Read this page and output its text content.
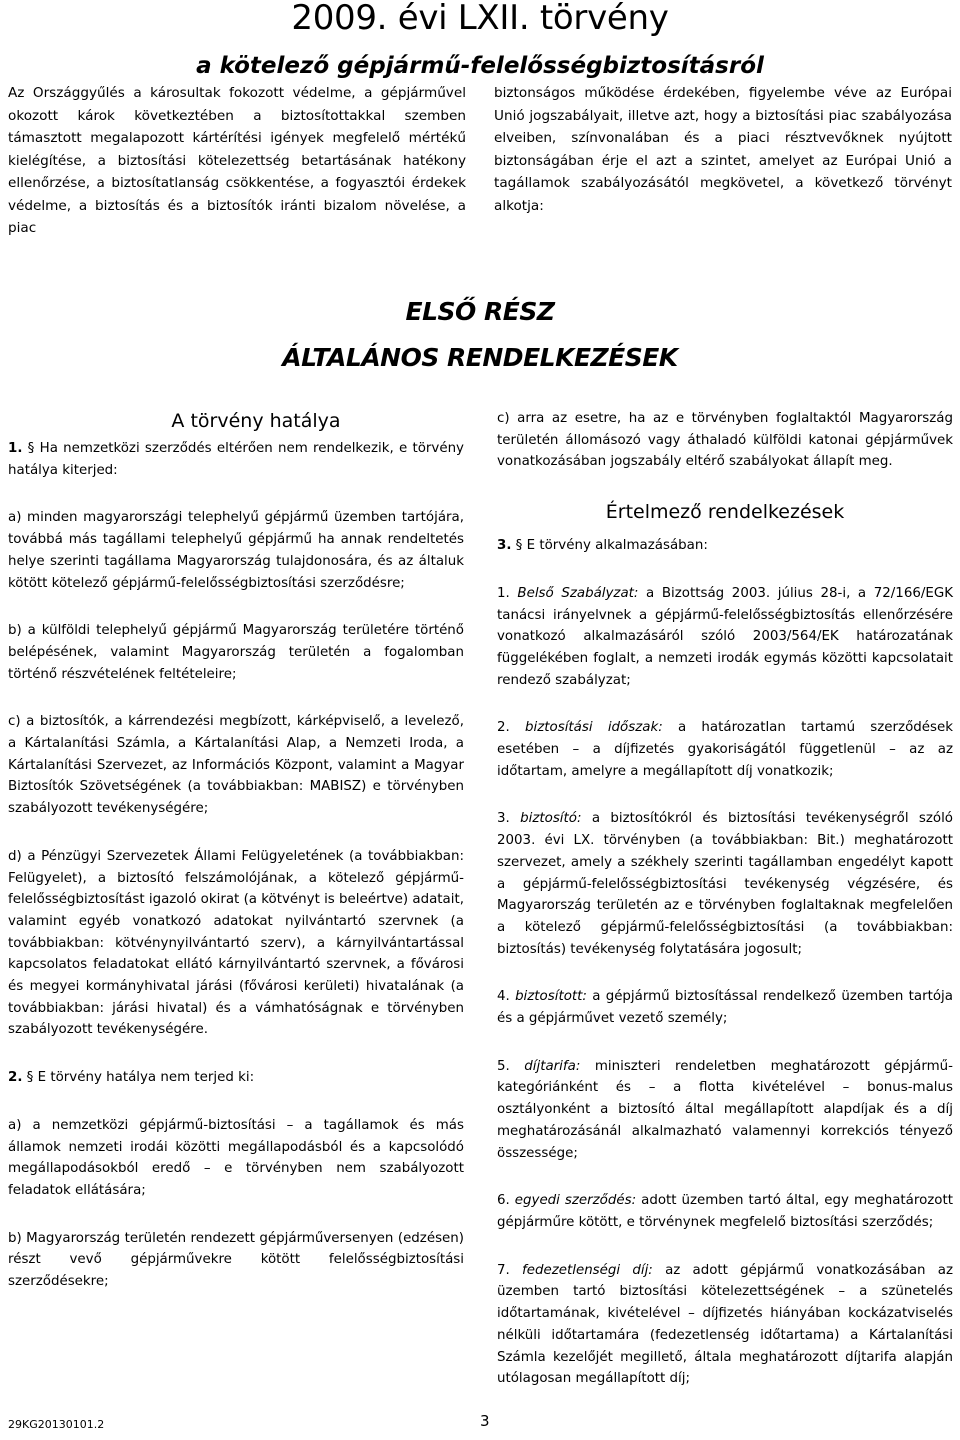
2009. évi LXII. törvény
a kötelező gépjármű-felelősségbiztosításról

Az Országgyűlés a károsultak fokozott védelme, a gépjárművel okozott károk következtében a biztosítottakkal szemben támasztott megalapozott kártérítési igények megfelelő mértékű kielégítése, a biztosítási kötelezettség betartásának hatékony ellenőrzése, a biztosítatlanság csökkentése, a fogyasztói érdekek védelme, a biztosítás és a biztosítók iránti bizalom növelése, a piac

biztonságos működése érdekében, figyelembe véve az Európai Unió jogszabályait, illetve azt, hogy a biztosítási piac szabályozása elveiben, színvonalában és a piaci résztvevőknek nyújtott biztonságában érje el azt a szintet, amelyet az Európai Unió a tagállamok szabályozásától megkövetel, a következő törvényt alkotja:

ELSŐ RÉSZ
ÁLTALÁNOS RENDELKEZÉSEK
A törvény hatálya
1. § Ha nemzetközi szerződés eltérően nem rendelkezik, e törvény hatálya kiterjed:

a) minden magyarországi telephelyű gépjármű üzemben tartójára, továbbá más tagállami telephelyű gépjármű ha annak rendeltetés helye szerinti tagállama Magyarország tulajdonosára, és az általuk kötött kötelező gépjármű-felelősségbiztosítási szerződésre;

b) a külföldi telephelyű gépjármű Magyarország területére történő belépésének, valamint Magyarország területén a fogalomban történő részvételének feltételeire;

c) a biztosítók, a kárrendezési megbízott, kárképviselő, a levelező, a Kártalanítási Számla, a Kártalanítási Alap, a Nemzeti Iroda, a Kártalanítási Szervezet, az Információs Központ, valamint a Magyar Biztosítók Szövetségének (a továbbiakban: MABISZ) e törvényben szabályozott tevékenységére;

d) a Pénzügyi Szervezetek Állami Felügyeletének (a továbbiakban: Felügyelet), a biztosító felszámolójának, a kötelező gépjármű-felelősségbiztosítást igazoló okirat (a kötvényt is beleértve) adatait, valamint egyéb vonatkozó adatokat nyilvántartó szervnek (a továbbiakban: kötvénynyilvántartó szerv), a kárnyilvántartással kapcsolatos feladatokat ellátó kárnyilvántartó szervnek, a fővárosi és megyei kormányhivatal járási (fővárosi kerületi) hivatalának (a továbbiakban: járási hivatal) és a vámhatóságnak e törvényben szabályozott tevékenységére.

2. § E törvény hatálya nem terjed ki:

a) a nemzetközi gépjármű-biztosítási – a tagállamok és más államok nemzeti irodái közötti megállapodásból és a kapcsolódó megállapodásokból eredő – e törvényben nem szabályozott feladatok ellátására;

b) Magyarország területén rendezett gépjárműversenyen (edzésen) részt vevő gépjárművekre kötött felelősségbiztosítási szerződésekre;

c) arra az esetre, ha az e törvényben foglaltaktól Magyarország területén állomásozó vagy áthaladó külföldi katonai gépjárművek vonatkozásában jogszabály eltérő szabályokat állapít meg.

Értelmező rendelkezések
3. § E törvény alkalmazásában:

1. Belső Szabályzat: a Bizottság 2003. július 28-i, a 72/166/EGK tanácsi irányelvnek a gépjármű-felelősségbiztosítás ellenőrzésére vonatkozó alkalmazásáról szóló 2003/564/EK határozatának függelékében foglalt, a nemzeti irodák egymás közötti kapcsolatait rendező szabályzat;

2. biztosítási időszak: a határozatlan tartamú szerződések esetében – a díjfizetés gyakoriságától függetlenül – az az időtartam, amelyre a megállapított díj vonatkozik;

3. biztosító: a biztosítókról és biztosítási tevékenységről szóló 2003. évi LX. törvényben (a továbbiakban: Bit.) meghatározott szervezet, amely a székhely szerinti tagállamban engedélyt kapott a gépjármű-felelősségbiztosítási tevékenység végzésére, és Magyarország területén az e törvényben foglaltaknak megfelelően a kötelező gépjármű-felelősségbiztosítási (a továbbiakban: biztosítás) tevékenység folytatására jogosult;

4. biztosított: a gépjármű biztosítással rendelkező üzemben tartója és a gépjárművet vezető személy;

5. díjtarifa: miniszteri rendeletben meghatározott gépjármű-kategóriánként és – a flotta kivételével – bonus-malus osztályonként a biztosító által megállapított alapdíjak és a díj meghatározásánál alkalmazható valamennyi korrekciós tényező összessége;

6. egyedi szerződés: adott üzemben tartó által, egy meghatározott gépjárműre kötött, e törvénynek megfelelő biztosítási szerződés;

7. fedezetlenségi díj: az adott gépjármű vonatkozásában az üzemben tartó biztosítási kötelezettségének – a szünetelés időtartamának, kivételével – díjfizetés hiányában kockázatviselés nélküli időtartamára (fedezetlenség időtartama) a Kártalanítási Számla kezelőjét megillető, általa meghatározott díjtarifa alapján utólagosan megállapított díj;

29KG20130101.2	3
